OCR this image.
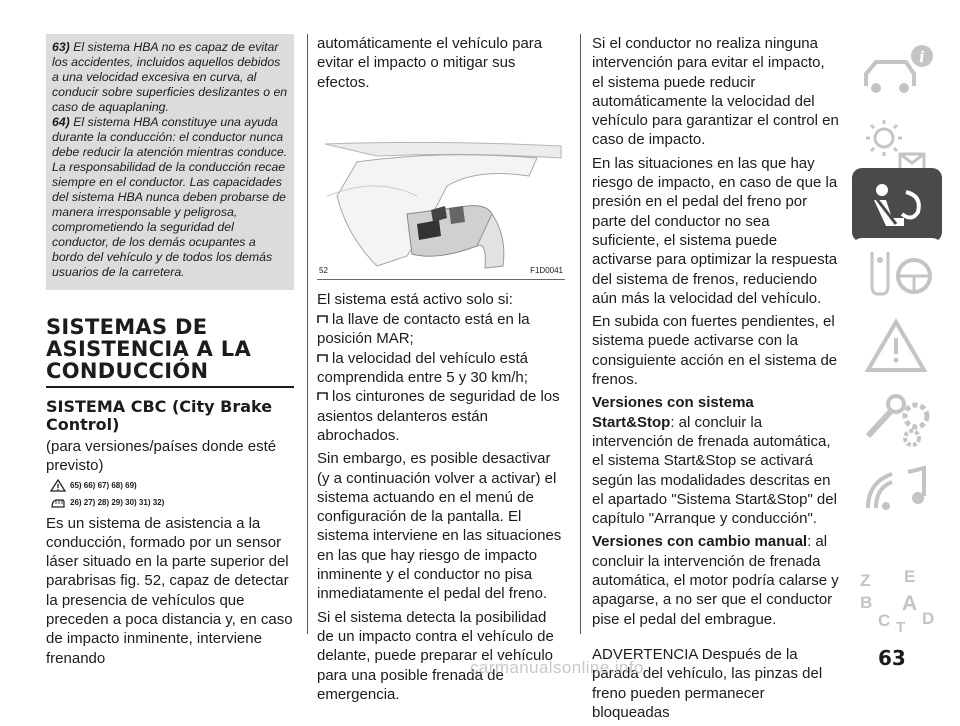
63) El sistema HBA no es capaz de evitar los accidentes, incluidos aquellos debidos a una velocidad excesiva en curva, al conducir sobre superficies deslizantes o en caso de aquaplaning.

64) El sistema HBA constituye una ayuda durante la conducción: el conductor nunca debe reducir la atención mientras conduce. La responsabilidad de la conducción recae siempre en el conductor. Las capacidades del sistema HBA nunca deben probarse de manera irresponsable y peligrosa, comprometiendo la seguridad del conductor, de los demás ocupantes a bordo del vehículo y de todos los demás usuarios de la carretera.

SISTEMAS DE ASISTENCIA A LA CONDUCCIÓN
SISTEMA CBC (City Brake Control)
(para versiones/países donde esté previsto)
65) 66) 67) 68) 69)
26) 27) 28) 29) 30) 31) 32)
Es un sistema de asistencia a la conducción, formado por un sensor láser situado en la parte superior del parabrisas fig. 52, capaz de detectar la presencia de vehículos que preceden a poca distancia y, en caso de impacto inminente, interviene frenando
automáticamente el vehículo para evitar el impacto o mitigar sus efectos.
52	F1D0041
El sistema está activo solo si:

la llave de contacto está en la posición MAR;

la velocidad del vehículo está comprendida entre 5 y 30 km/h;

los cinturones de seguridad de los asientos delanteros están abrochados.

Sin embargo, es posible desactivar (y a continuación volver a activar) el sistema actuando en el menú de configuración de la pantalla. El sistema interviene en las situaciones en las que hay riesgo de impacto inminente y el conductor no pisa inmediatamente el pedal del freno.
Si el sistema detecta la posibilidad de un impacto contra el vehículo de delante, puede preparar el vehículo para una posible frenada de emergencia.
Si el conductor no realiza ninguna intervención para evitar el impacto, el sistema puede reducir automáticamente la velocidad del vehículo para garantizar el control en caso de impacto.
En las situaciones en las que hay riesgo de impacto, en caso de que la presión en el pedal del freno por parte del conductor no sea suficiente, el sistema puede activarse para optimizar la respuesta del sistema de frenos, reduciendo aún más la velocidad del vehículo.
En subida con fuertes pendientes, el sistema puede activarse con la consiguiente acción en el sistema de frenos.
Versiones con sistema Start&Stop: al concluir la intervención de frenada automática, el sistema Start&Stop se activará según las modalidades descritas en el apartado "Sistema Start&Stop" del capítulo "Arranque y conducción".
Versiones con cambio manual: al concluir la intervención de frenada automática, el motor podría calarse y apagarse, a no ser que el conductor pise el pedal del embrague.
ADVERTENCIA Después de la parada del vehículo, las pinzas del freno pueden permanecer bloqueadas
i
Z E
B A
C T D
63
carmanualsonline.info
